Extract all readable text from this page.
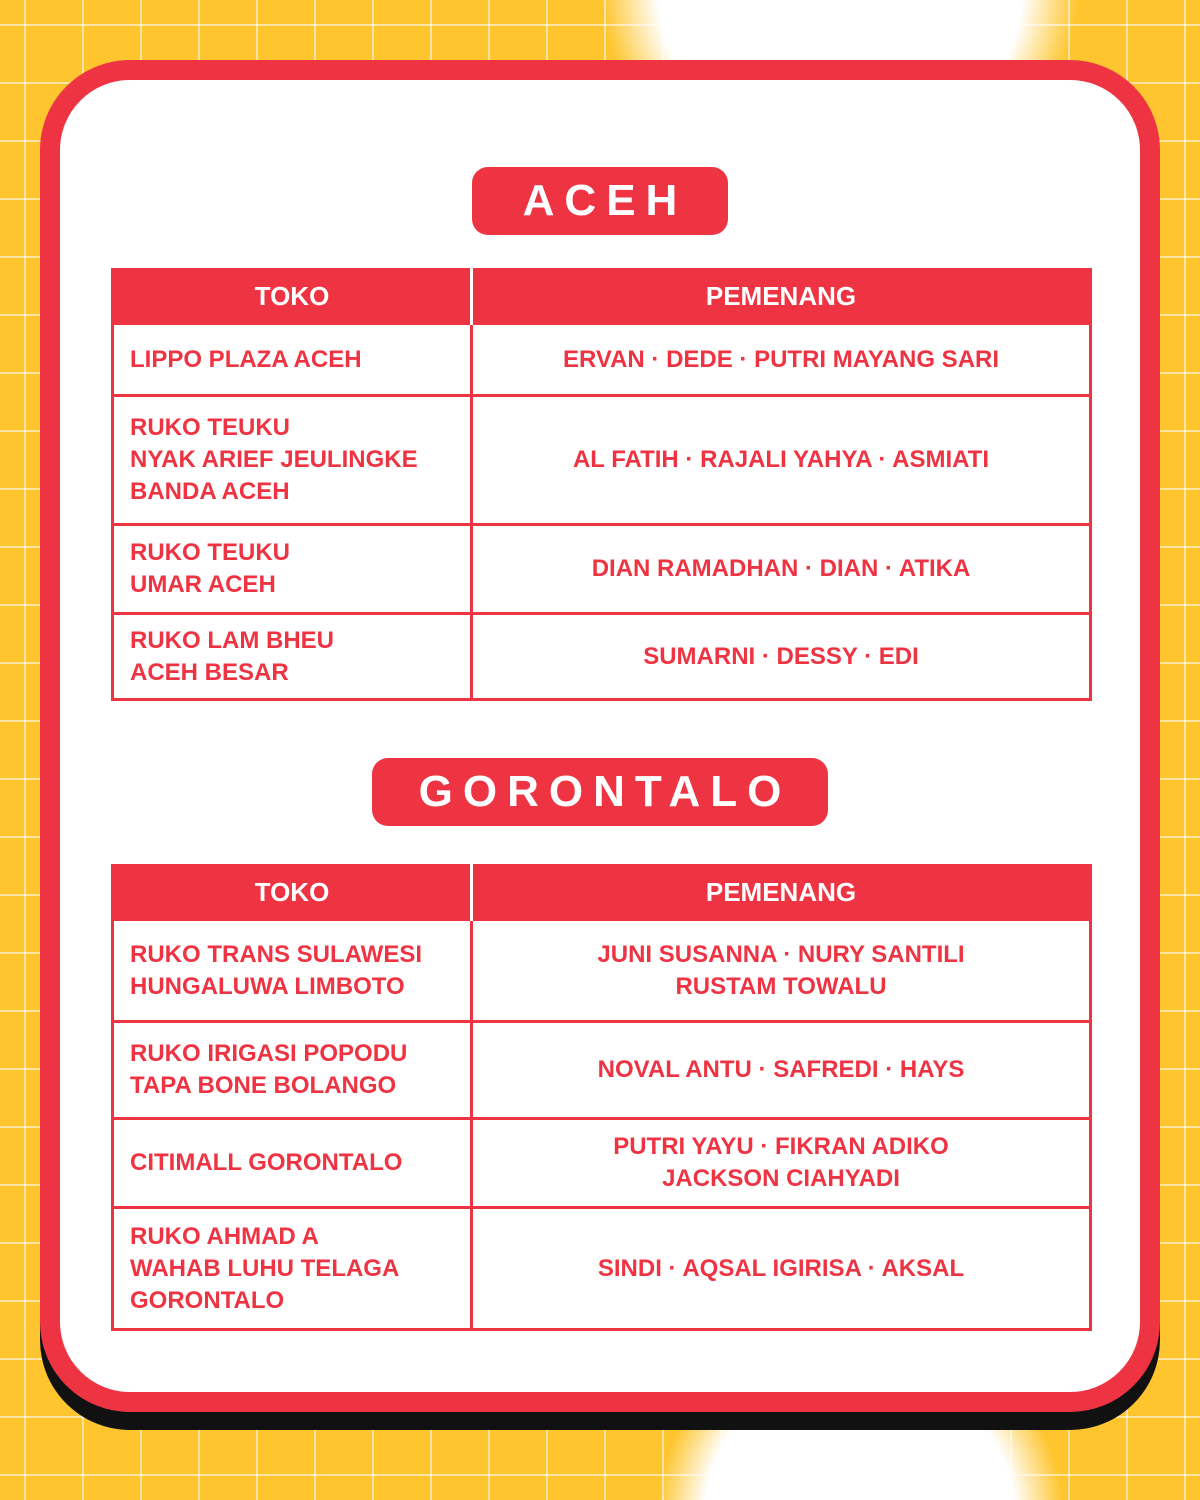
ACEH
TOKO	PEMENANG

LIPPO PLAZA ACEH	ERVAN · DEDE · PUTRI MAYANG SARI

RUKO TEUKU
NYAK ARIEF JEULINGKE
BANDA ACEH	AL FATIH · RAJALI YAHYA · ASMIATI

RUKO TEUKU
UMAR ACEH	DIAN RAMADHAN · DIAN · ATIKA

RUKO LAM BHEU
ACEH BESAR	SUMARNI · DESSY · EDI
GORONTALO
TOKO	PEMENANG

RUKO TRANS SULAWESI
HUNGALUWA LIMBOTO	JUNI SUSANNA · NURY SANTILI
RUSTAM TOWALU

RUKO IRIGASI POPODU
TAPA BONE BOLANGO	NOVAL ANTU · SAFREDI · HAYS

CITIMALL GORONTALO	PUTRI YAYU · FIKRAN ADIKO
JACKSON CIAHYADI

RUKO AHMAD A
WAHAB LUHU TELAGA
GORONTALO	SINDI · AQSAL IGIRISA · AKSAL
